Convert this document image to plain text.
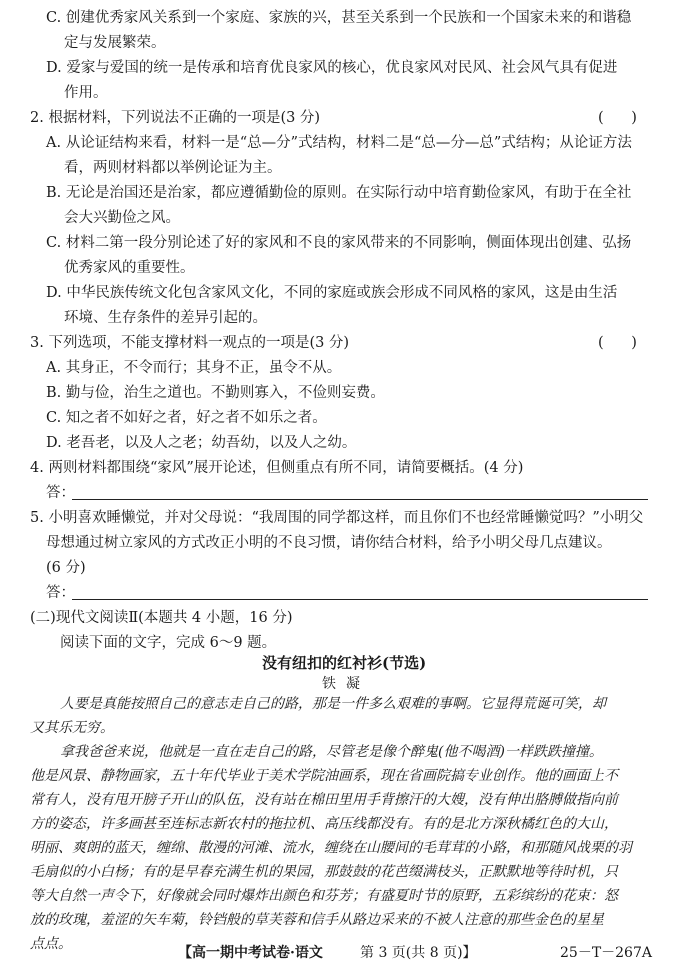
C. 创建优秀家风关系到一个家庭、家族的兴，甚至关系到一个民族和一个国家未来的和谐稳
定与发展繁荣。
D. 爱家与爱国的统一是传承和培育优良家风的核心，优良家风对民风、社会风气具有促进
作用。
2. 根据材料，下列说法不正确的一项是(3 分)	(      )
A. 从论证结构来看，材料一是“总—分”式结构，材料二是“总—分—总”式结构；从论证方法
看，两则材料都以举例论证为主。
B. 无论是治国还是治家，都应遵循勤俭的原则。在实际行动中培育勤俭家风，有助于在全社
会大兴勤俭之风。
C. 材料二第一段分别论述了好的家风和不良的家风带来的不同影响，侧面体现出创建、弘扬
优秀家风的重要性。
D. 中华民族传统文化包含家风文化，不同的家庭或族会形成不同风格的家风，这是由生活
环境、生存条件的差异引起的。
3. 下列选项，不能支撑材料一观点的一项是(3 分)	(      )
A. 其身正，不令而行；其身不正，虽令不从。
B. 勤与俭，治生之道也。不勤则寡入，不俭则妄费。
C. 知之者不如好之者，好之者不如乐之者。
D. 老吾老，以及人之老；幼吾幼，以及人之幼。
4. 两则材料都围绕“家风”展开论述，但侧重点有所不同，请简要概括。(4 分)
答：
5. 小明喜欢睡懒觉，并对父母说：“我周围的同学都这样，而且你们不也经常睡懒觉吗？”小明父
母想通过树立家风的方式改正小明的不良习惯，请你结合材料，给予小明父母几点建议。
(6 分)
答：
(二)现代文阅读Ⅱ(本题共 4 小题，16 分)
阅读下面的文字，完成 6～9 题。
没有纽扣的红衬衫(节选)
铁凝
人要是真能按照自己的意志走自己的路，那是一件多么艰难的事啊。它显得荒诞可笑，却
又其乐无穷。
拿我爸爸来说，他就是一直在走自己的路，尽管老是像个醉鬼(他不喝酒)一样跌跌撞撞。
他是风景、静物画家，五十年代毕业于美术学院油画系，现在省画院搞专业创作。他的画面上不
常有人，没有甩开膀子开山的队伍，没有站在棉田里用手背擦汗的大嫂，没有伸出胳膊做指向前
方的姿态，许多画甚至连标志新农村的拖拉机、高压线都没有。有的是北方深秋橘红色的大山，
明丽、爽朗的蓝天，缠绵、散漫的河滩、流水，缠绕在山腰间的毛茸茸的小路，和那随风战栗的羽
毛扇似的小白杨；有的是早春充满生机的果园，那鼓鼓的花芭缀满枝头，正默默地等待时机，只
等大自然一声令下，好像就会同时爆炸出颜色和芬芳；有盛夏时节的原野，五彩缤纷的花束：怒
【高一期中考试卷·语文	第 3 页(共 8 页)】	25－T－267A
放的玫瑰，羞涩的矢车菊，铃铛般的草芙蓉和信手从路边采来的不被人注意的那些金色的星星
点点。
